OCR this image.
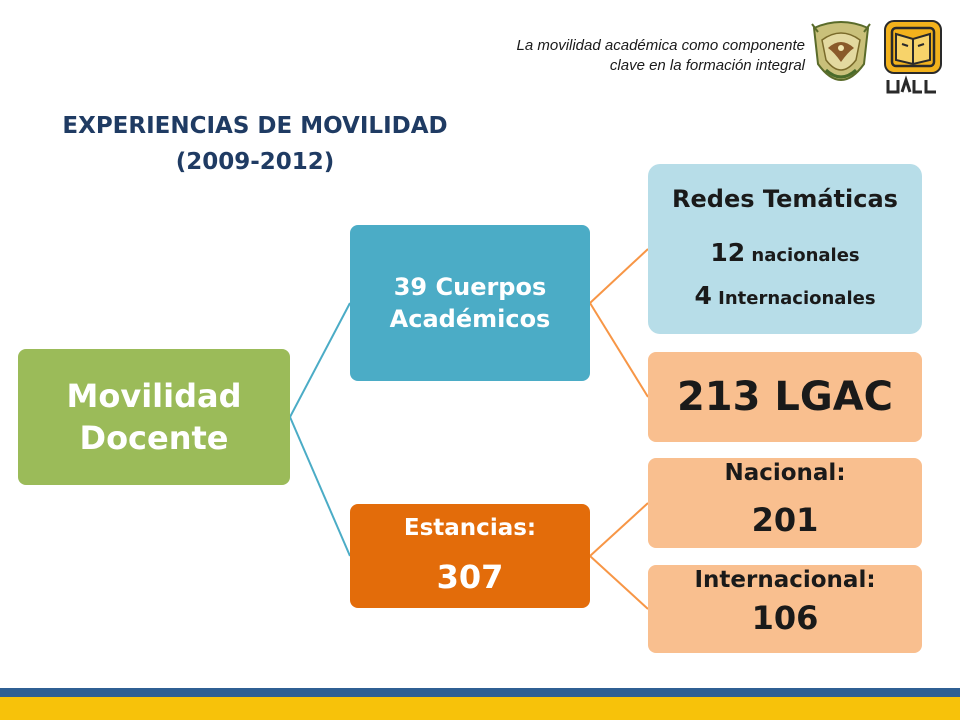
La movilidad académica como componente
clave en la formación integral
EXPERIENCIAS DE MOVILIDAD
(2009-2012)
Movilidad
Docente
39 Cuerpos
Académicos
Estancias:
307
Redes Temáticas
12 nacionales
4 Internacionales
213 LGAC
Nacional:
201
Internacional:
106
